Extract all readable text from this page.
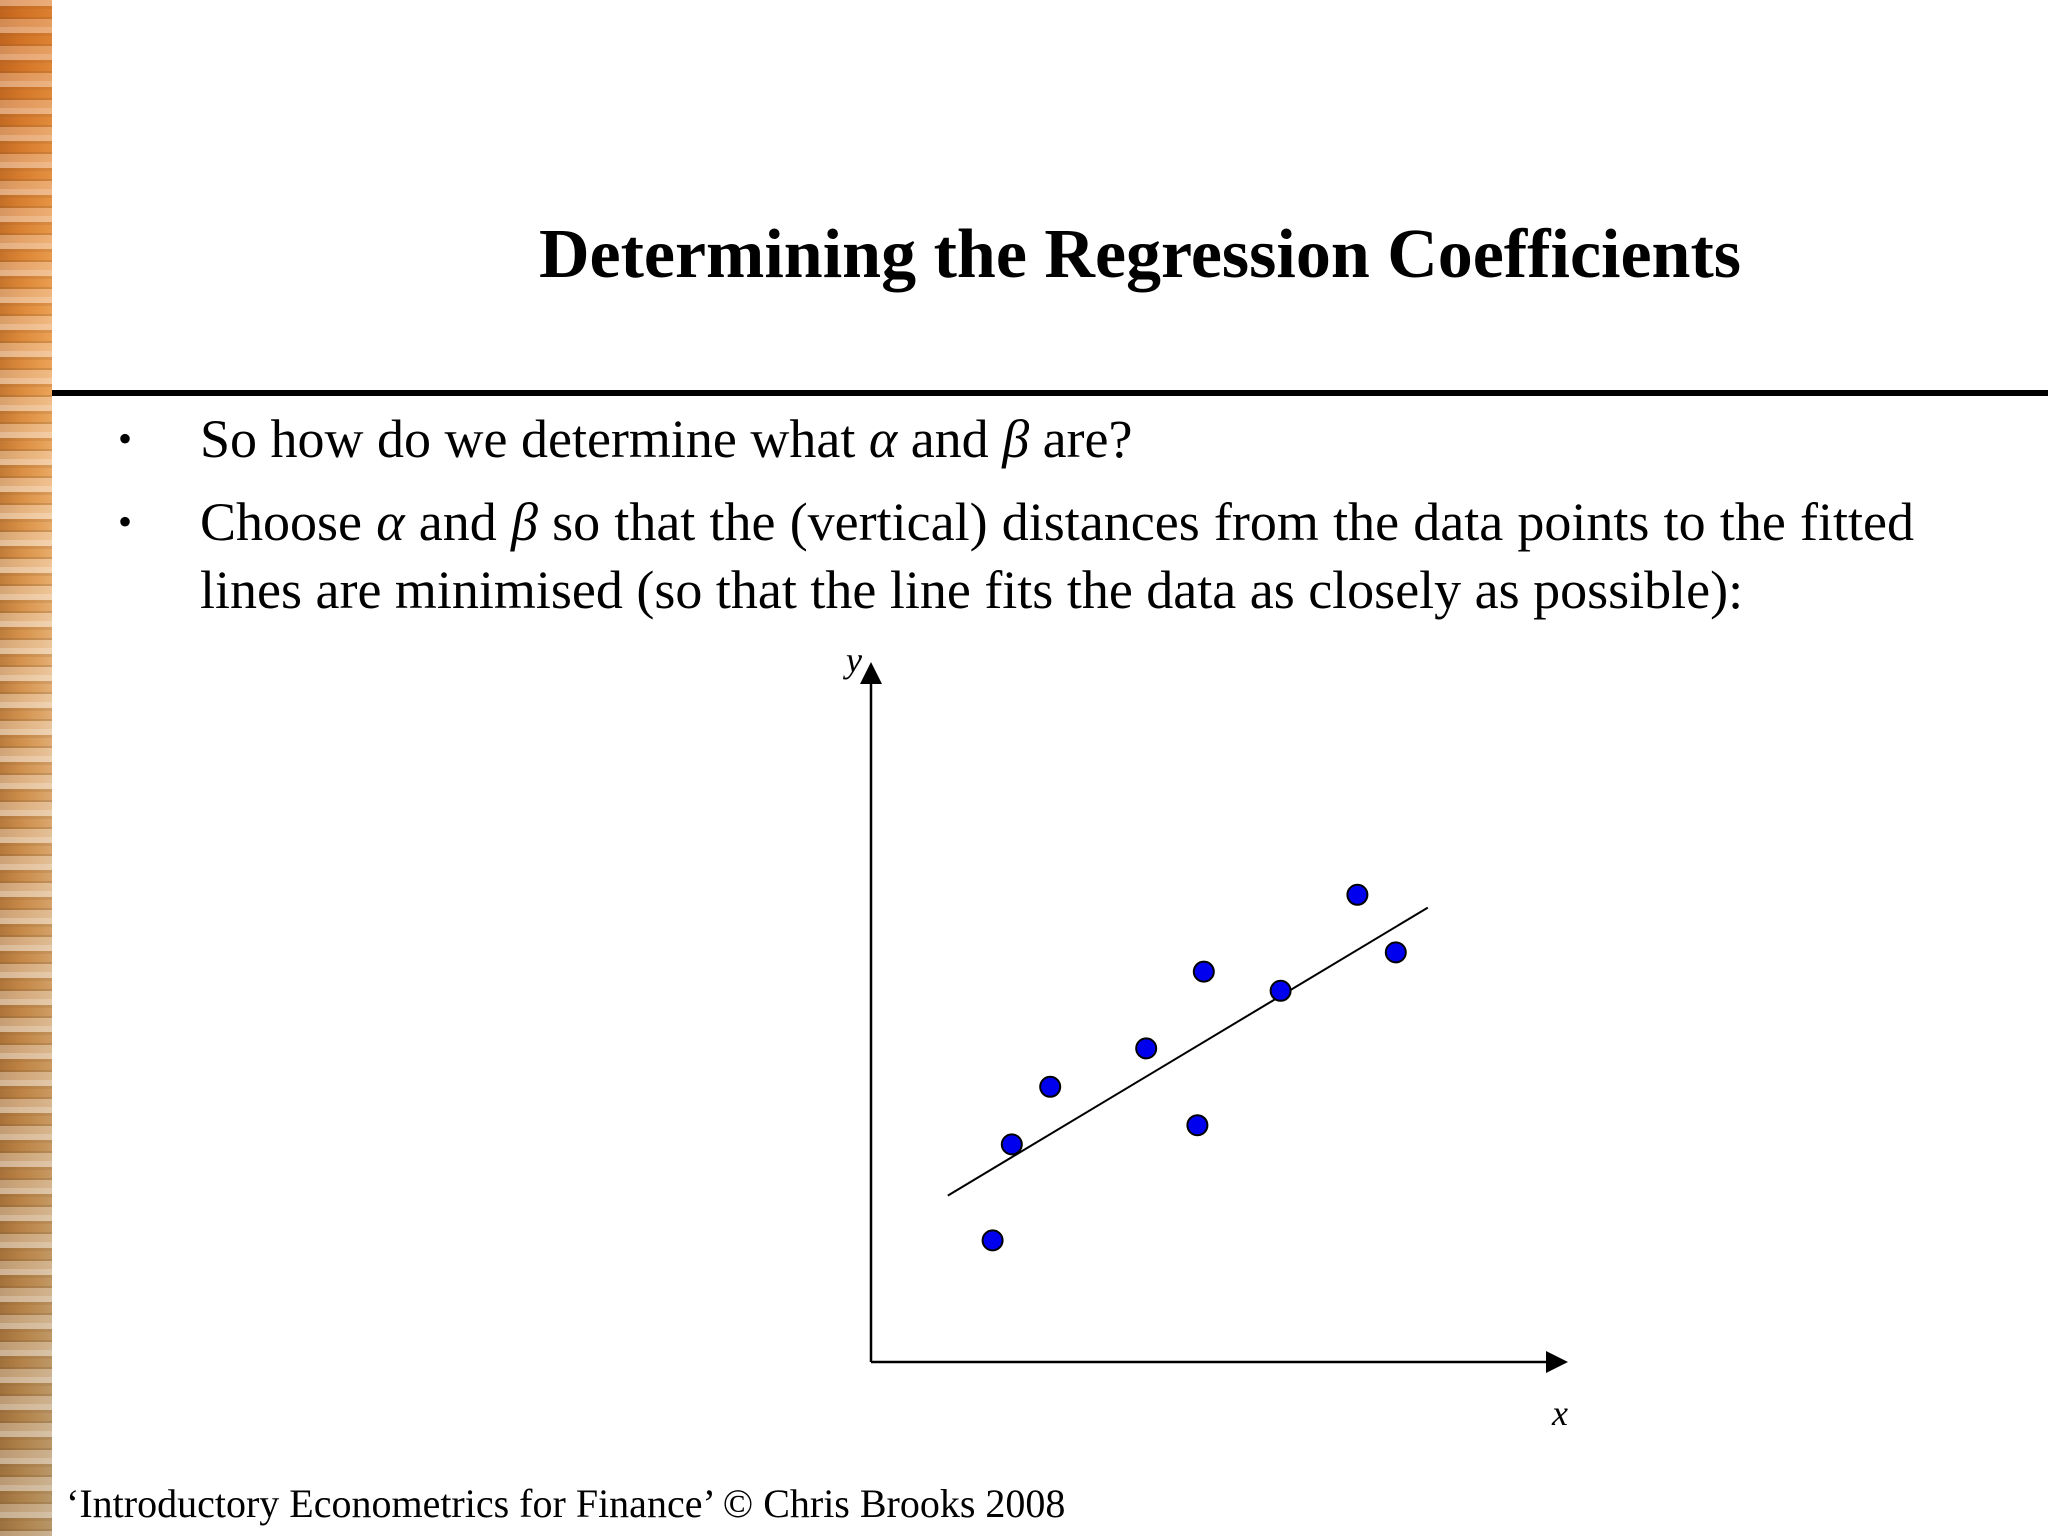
Determining the Regression Coefficients
•	So how do we determine what α and β are?
•	Choose α and β so that the (vertical) distances from the data points to the fitted lines are minimised (so that the line fits the data as closely as possible):
y
x
‘Introductory Econometrics for Finance’ © Chris Brooks 2008
